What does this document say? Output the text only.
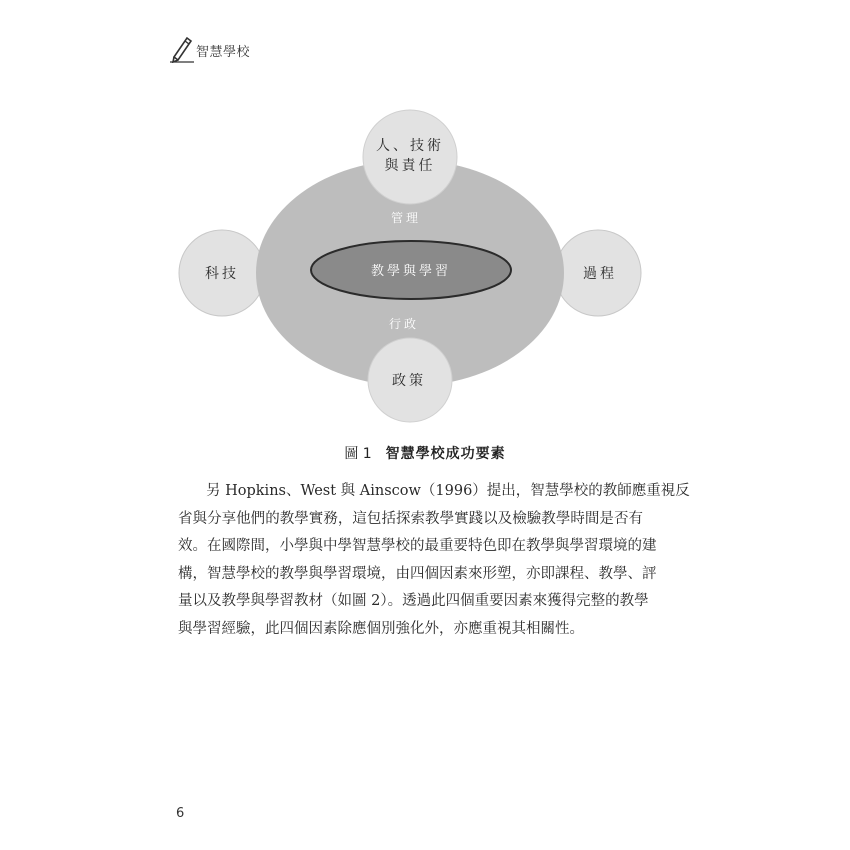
智慧學校
人、技術
與責任
管理
教學與學習
行政
科技	過程
政策
圖 1 智慧學校成功要素
另 Hopkins、West 與 Ainscow（1996）提出，智慧學校的教師應重視反
省與分享他們的教學實務，這包括探索教學實踐以及檢驗教學時間是否有
效。在國際間，小學與中學智慧學校的最重要特色即在教學與學習環境的建
構，智慧學校的教學與學習環境，由四個因素來形塑，亦即課程、教學、評
量以及教學與學習教材（如圖 2）。透過此四個重要因素來獲得完整的教學
與學習經驗，此四個因素除應個別強化外，亦應重視其相關性。
6
